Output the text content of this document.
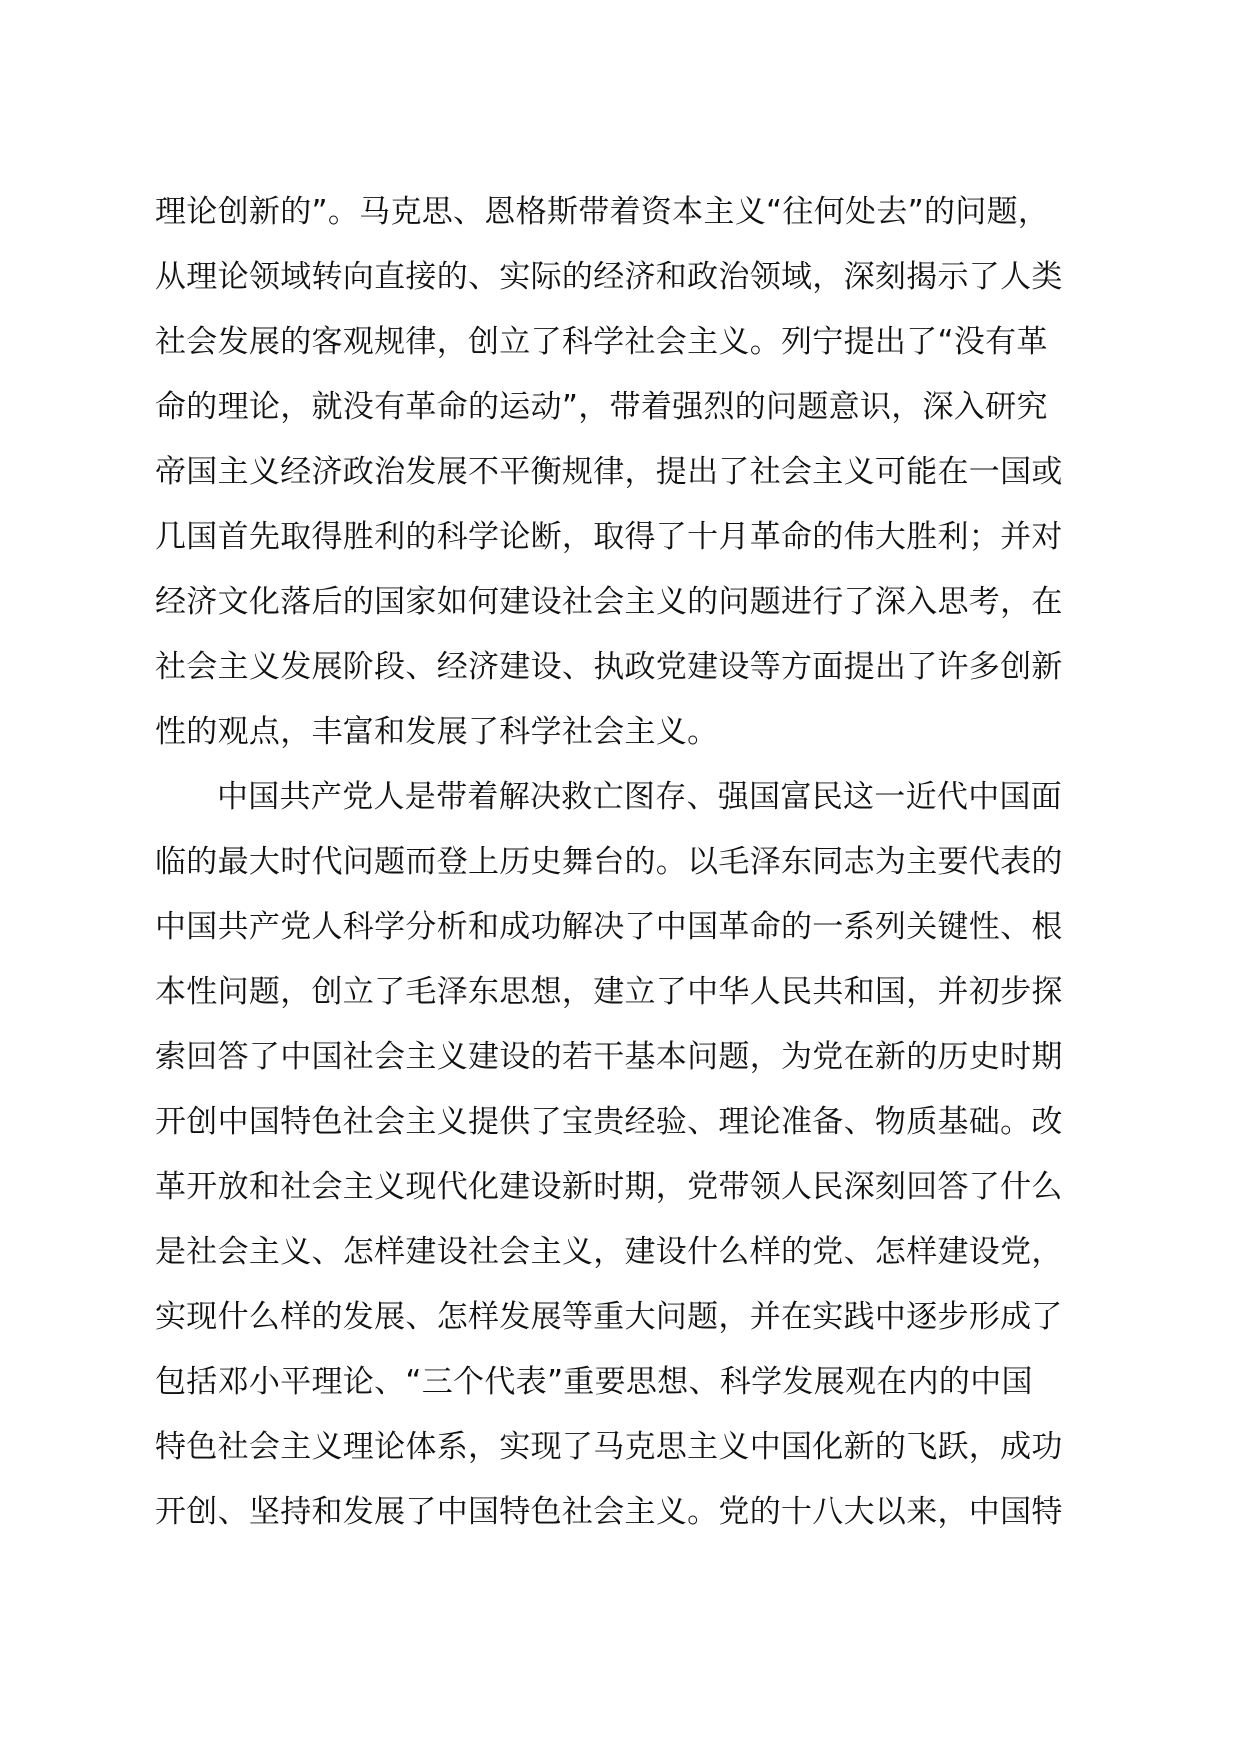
理论创新的”。马克思、恩格斯带着资本主义“往何处去”的问题，
从理论领域转向直接的、实际的经济和政治领域，深刻揭示了人类
社会发展的客观规律，创立了科学社会主义。列宁提出了“没有革
命的理论，就没有革命的运动”，带着强烈的问题意识，深入研究
帝国主义经济政治发展不平衡规律，提出了社会主义可能在一国或
几国首先取得胜利的科学论断，取得了十月革命的伟大胜利；并对
经济文化落后的国家如何建设社会主义的问题进行了深入思考，在
社会主义发展阶段、经济建设、执政党建设等方面提出了许多创新
性的观点，丰富和发展了科学社会主义。
中国共产党人是带着解决救亡图存、强国富民这一近代中国面
临的最大时代问题而登上历史舞台的。以毛泽东同志为主要代表的
中国共产党人科学分析和成功解决了中国革命的一系列关键性、根
本性问题，创立了毛泽东思想，建立了中华人民共和国，并初步探
索回答了中国社会主义建设的若干基本问题，为党在新的历史时期
开创中国特色社会主义提供了宝贵经验、理论准备、物质基础。改
革开放和社会主义现代化建设新时期，党带领人民深刻回答了什么
是社会主义、怎样建设社会主义，建设什么样的党、怎样建设党，
实现什么样的发展、怎样发展等重大问题，并在实践中逐步形成了
包括邓小平理论、“三个代表”重要思想、科学发展观在内的中国
特色社会主义理论体系，实现了马克思主义中国化新的飞跃，成功
开创、坚持和发展了中国特色社会主义。党的十八大以来，中国特
